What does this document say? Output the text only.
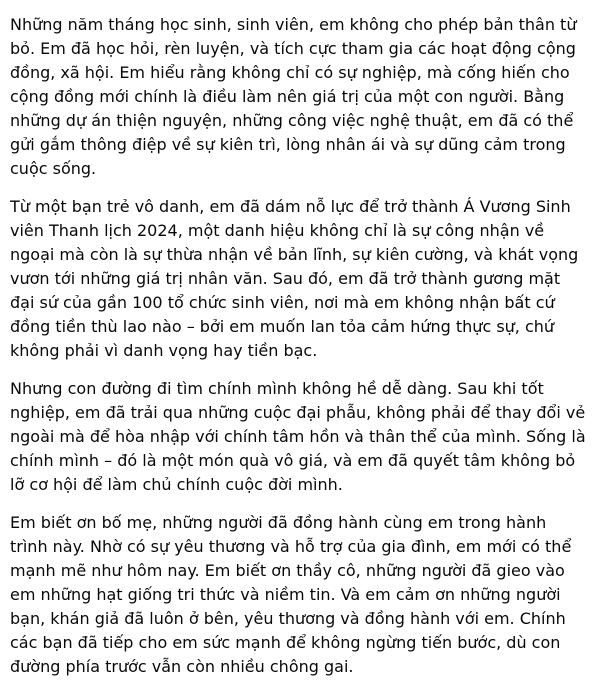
Những năm tháng học sinh, sinh viên, em không cho phép bản thân từ
bỏ. Em đã học hỏi, rèn luyện, và tích cực tham gia các hoạt động cộng
đồng, xã hội. Em hiểu rằng không chỉ có sự nghiệp, mà cống hiến cho
cộng đồng mới chính là điều làm nên giá trị của một con người. Bằng
những dự án thiện nguyện, những công việc nghệ thuật, em đã có thể
gửi gắm thông điệp về sự kiên trì, lòng nhân ái và sự dũng cảm trong
cuộc sống.

Từ một bạn trẻ vô danh, em đã dám nỗ lực để trở thành Á Vương Sinh
viên Thanh lịch 2024, một danh hiệu không chỉ là sự công nhận về
ngoại mà còn là sự thừa nhận về bản lĩnh, sự kiên cường, và khát vọng
vươn tới những giá trị nhân văn. Sau đó, em đã trở thành gương mặt
đại sứ của gần 100 tổ chức sinh viên, nơi mà em không nhận bất cứ
đồng tiền thù lao nào – bởi em muốn lan tỏa cảm hứng thực sự, chứ
không phải vì danh vọng hay tiền bạc.

Nhưng con đường đi tìm chính mình không hề dễ dàng. Sau khi tốt
nghiệp, em đã trải qua những cuộc đại phẫu, không phải để thay đổi vẻ
ngoài mà để hòa nhập với chính tâm hồn và thân thể của mình. Sống là
chính mình – đó là một món quà vô giá, và em đã quyết tâm không bỏ
lỡ cơ hội để làm chủ chính cuộc đời mình.

Em biết ơn bố mẹ, những người đã đồng hành cùng em trong hành
trình này. Nhờ có sự yêu thương và hỗ trợ của gia đình, em mới có thể
mạnh mẽ như hôm nay. Em biết ơn thầy cô, những người đã gieo vào
em những hạt giống tri thức và niềm tin. Và em cảm ơn những người
bạn, khán giả đã luôn ở bên, yêu thương và đồng hành với em. Chính
các bạn đã tiếp cho em sức mạnh để không ngừng tiến bước, dù con
đường phía trước vẫn còn nhiều chông gai.
